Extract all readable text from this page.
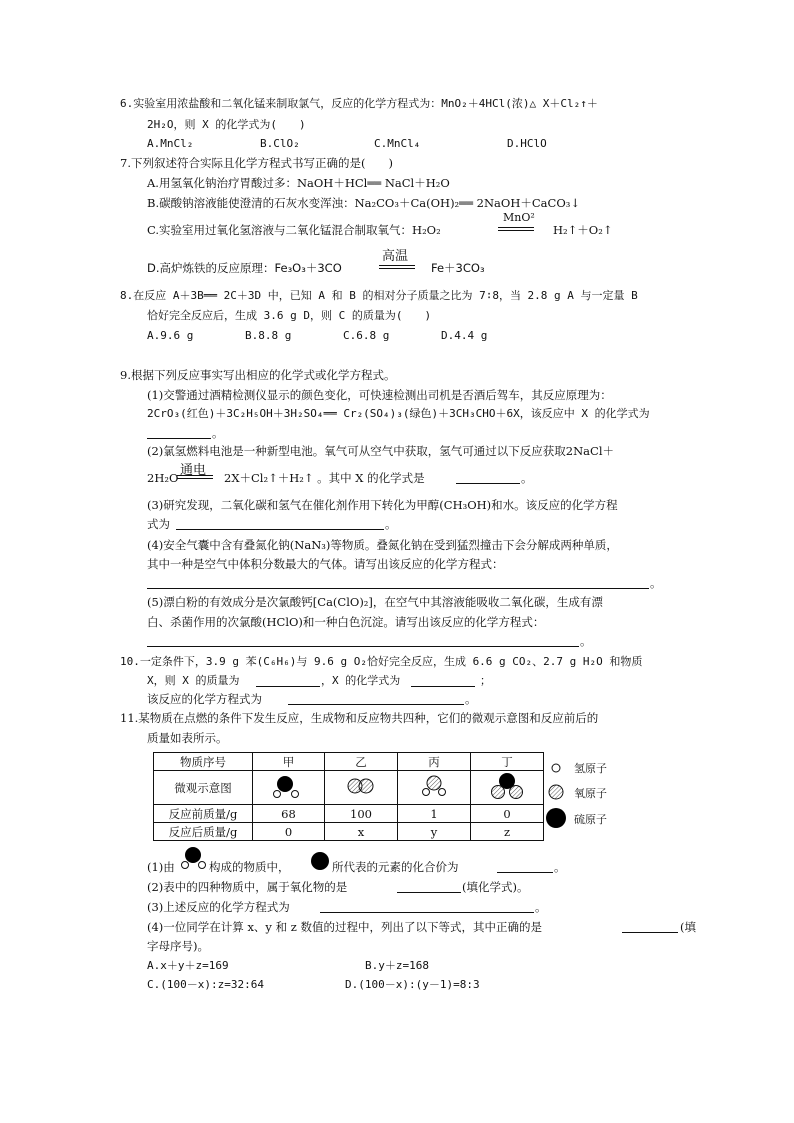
6.实验室用浓盐酸和二氧化锰来制取氯气，反应的化学方程式为：MnO₂＋4HCl(浓)△ X＋Cl₂↑＋
2H₂O，则 X 的化学式为(　　)
A.MnCl₂	B.ClO₂	C.MnCl₄	D.HClO
7.下列叙述符合实际且化学方程式书写正确的是(　　)
A.用氢氧化钠治疗胃酸过多：NaOH＋HCl══ NaCl＋H₂O
B.碳酸钠溶液能使澄清的石灰水变浑浊：Na₂CO₃＋Ca(OH)₂══ 2NaOH＋CaCO₃↓
C.实验室用过氧化氢溶液与二氧化锰混合制取氧气：H₂O₂
MnO²
H₂↑＋O₂↑
D.高炉炼铁的反应原理：Fe₃O₃＋3CO
高温
Fe＋3CO₃
8.在反应 A＋3B══ 2C＋3D 中，已知 A 和 B 的相对分子质量之比为 7∶8，当 2.8 g A 与一定量 B
恰好完全反应后，生成 3.6 g D，则 C 的质量为(　　)
A.9.6 g	B.8.8 g	C.6.8 g	D.4.4 g
9.根据下列反应事实写出相应的化学式或化学方程式。
(1)交警通过酒精检测仪显示的颜色变化，可快速检测出司机是否酒后驾车，其反应原理为：
2CrO₃(红色)＋3C₂H₅OH＋3H₂SO₄══ Cr₂(SO₄)₃(绿色)＋3CH₃CHO＋6X，该反应中 X 的化学式为
。
(2)氯氢燃料电池是一种新型电池。氧气可从空气中获取，氢气可通过以下反应获取2NaCl＋
2H₂O 通电 2X＋Cl₂↑＋H₂↑ 。其中 X 的化学式是	。
(3)研究发现，二氧化碳和氢气在催化剂作用下转化为甲醇(CH₃OH)和水。该反应的化学方程
式为	。
(4)安全气囊中含有叠氮化钠(NaN₃)等物质。叠氮化钠在受到猛烈撞击下会分解成两种单质，
其中一种是空气中体积分数最大的气体。请写出该反应的化学方程式：
。
(5)漂白粉的有效成分是次氯酸钙[Ca(ClO)₂]，在空气中其溶液能吸收二氧化碳，生成有漂
白、杀菌作用的次氯酸(HClO)和一种白色沉淀。请写出该反应的化学方程式：
。
10.一定条件下，3.9 g 苯(C₆H₆)与 9.6 g O₂恰好完全反应，生成 6.6 g CO₂、2.7 g H₂O 和物质
X，则 X 的质量为	，X 的化学式为	；
该反应的化学方程式为	。
11.某物质在点燃的条件下发生反应，生成物和反应物共四种，它们的微观示意图和反应前后的
质量如表所示。
物质序号	甲	乙	丙	丁
微观示意图				
反应前质量/g	68	100	1	0
反应后质量/g	0	x	y	z
氢原子
氧原子
硫原子
(1)由	构成的物质中，	所代表的元素的化合价为	。
(2)表中的四种物质中，属于氧化物的是	(填化学式)。
(3)上述反应的化学方程式为	。
(4)一位同学在计算 x、y 和 z 数值的过程中，列出了以下等式，其中正确的是	(填
字母序号)。
A.x＋y＋z=169	B.y＋z=168
C.(100－x):z=32:64	D.(100－x):(y－1)=8:3
